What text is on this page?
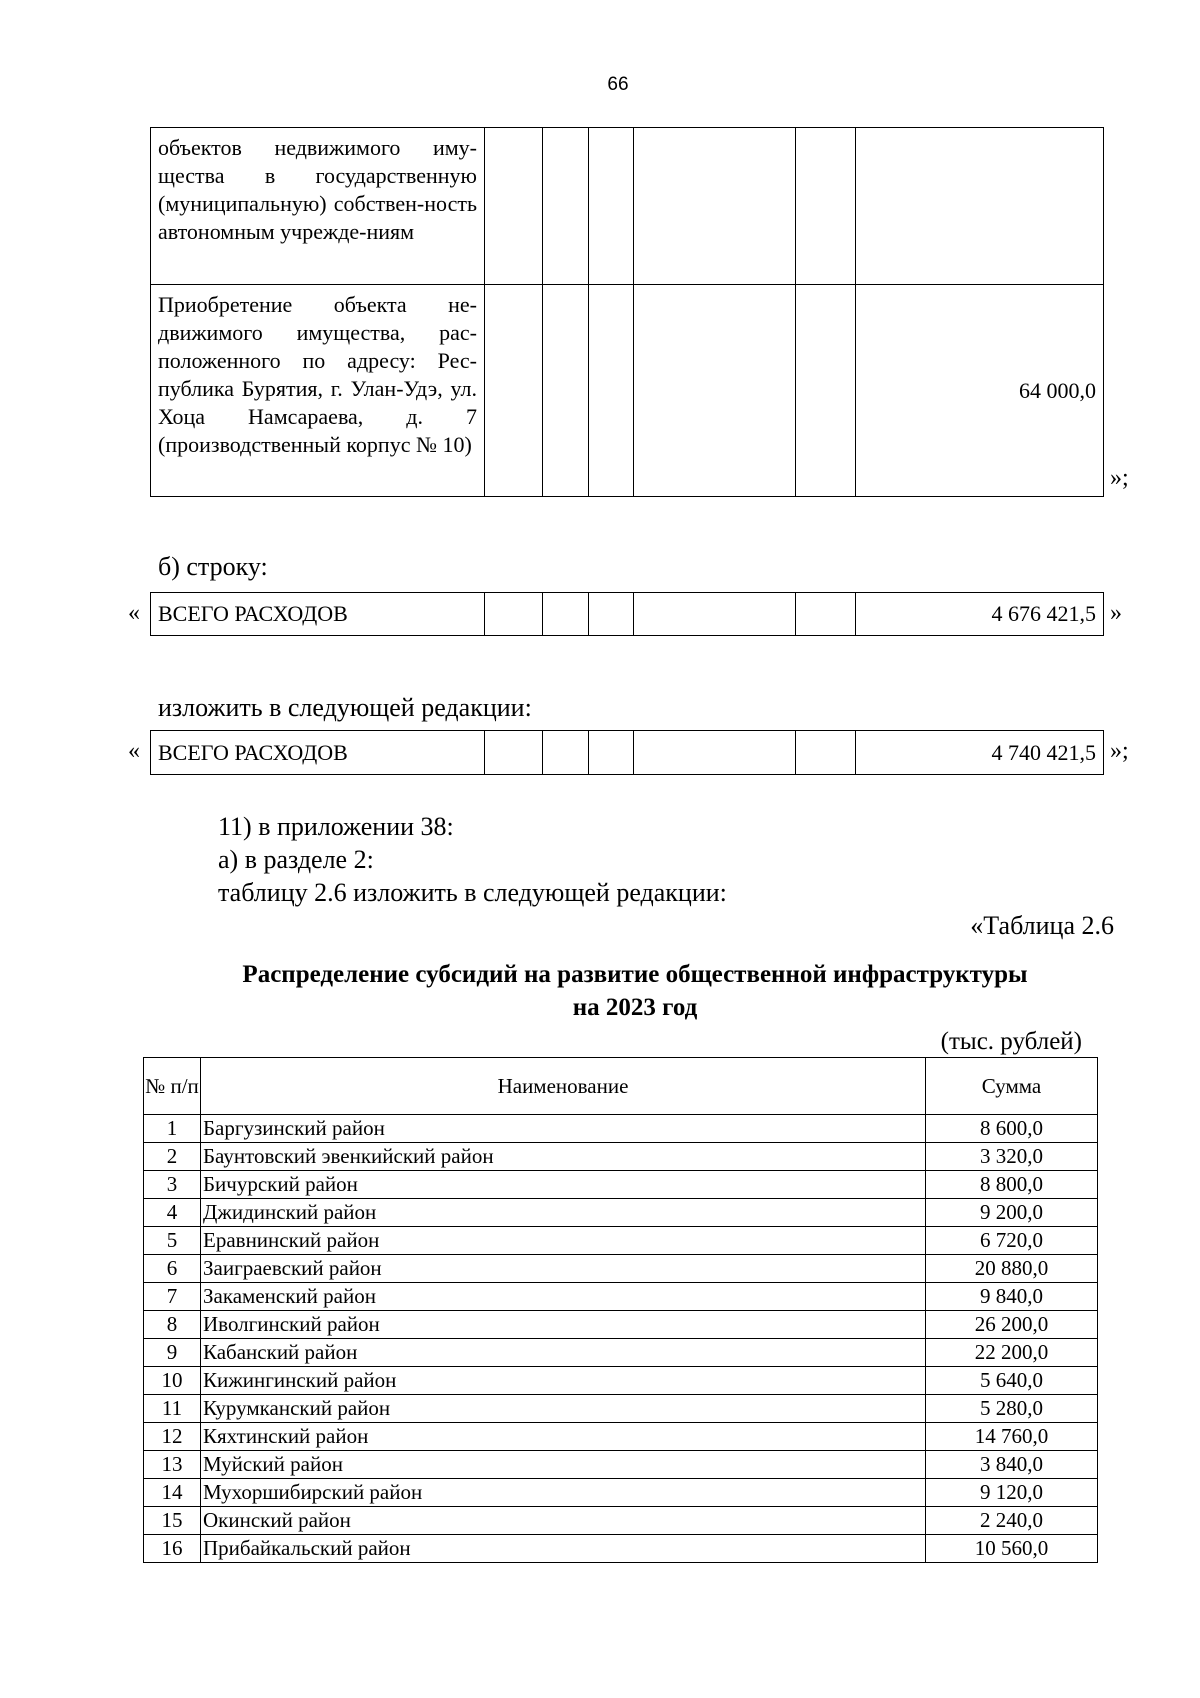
66
объектов недвижимого иму-щества в государственную (муниципальную) собствен-ность автономным учрежде-ниям						
Приобретение объекта не-движимого имущества, рас-положенного по адресу: Рес-публика Бурятия, г. Улан-Удэ, ул. Хоца Намсараева, д. 7 (производственный корпус № 10)						64 000,0
»;
б) строку:
« ВСЕГО РАСХОДОВ						4 676 421,5 »
изложить в следующей редакции:
« ВСЕГО РАСХОДОВ						4 740 421,5 »;
11) в приложении 38:
а) в разделе 2:
таблицу 2.6 изложить в следующей редакции:
«Таблица 2.6
Распределение субсидий на развитие общественной инфраструктуры
на 2023 год
(тыс. рублей)
№ п/п	Наименование	Сумма
1	Баргузинский район	8 600,0
2	Баунтовский эвенкийский район	3 320,0
3	Бичурский район	8 800,0
4	Джидинский район	9 200,0
5	Еравнинский район	6 720,0
6	Заиграевский район	20 880,0
7	Закаменский район	9 840,0
8	Иволгинский район	26 200,0
9	Кабанский район	22 200,0
10	Кижингинский район	5 640,0
11	Курумканский район	5 280,0
12	Кяхтинский район	14 760,0
13	Муйский район	3 840,0
14	Мухоршибирский район	9 120,0
15	Окинский район	2 240,0
16	Прибайкальский район	10 560,0
